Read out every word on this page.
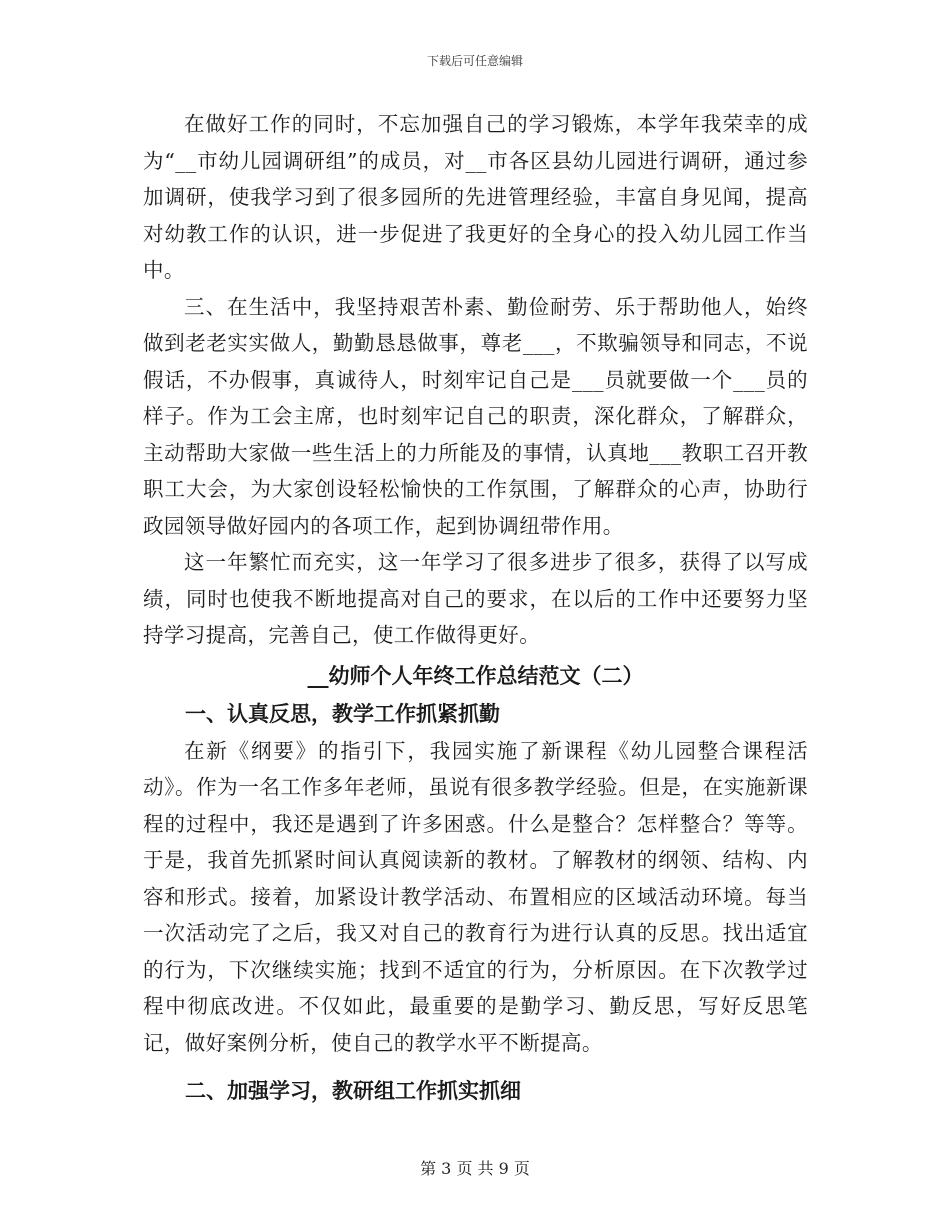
下载后可任意编辑

在做好工作的同时，不忘加强自己的学习锻炼，本学年我荣幸的成为“__市幼儿园调研组”的成员，对__市各区县幼儿园进行调研，通过参加调研，使我学习到了很多园所的先进管理经验，丰富自身见闻，提高对幼教工作的认识，进一步促进了我更好的全身心的投入幼儿园工作当中。

三、在生活中，我坚持艰苦朴素、勤俭耐劳、乐于帮助他人，始终做到老老实实做人，勤勤恳恳做事，尊老___，不欺骗领导和同志，不说假话，不办假事，真诚待人，时刻牢记自己是___员就要做一个___员的样子。作为工会主席，也时刻牢记自己的职责，深化群众，了解群众，主动帮助大家做一些生活上的力所能及的事情，认真地___教职工召开教职工大会，为大家创设轻松愉快的工作氛围，了解群众的心声，协助行政园领导做好园内的各项工作，起到协调纽带作用。

这一年繁忙而充实，这一年学习了很多进步了很多，获得了以写成绩，同时也使我不断地提高对自己的要求，在以后的工作中还要努力坚持学习提高，完善自己，使工作做得更好。

__幼师个人年终工作总结范文（二）

一、认真反思，教学工作抓紧抓勤

在新《纲要》的指引下，我园实施了新课程《幼儿园整合课程活动》。作为一名工作多年老师，虽说有很多教学经验。但是，在实施新课程的过程中，我还是遇到了许多困惑。什么是整合？怎样整合？等等。于是，我首先抓紧时间认真阅读新的教材。了解教材的纲领、结构、内容和形式。接着，加紧设计教学活动、布置相应的区域活动环境。每当一次活动完了之后，我又对自己的教育行为进行认真的反思。找出适宜的行为，下次继续实施；找到不适宜的行为，分析原因。在下次教学过程中彻底改进。不仅如此，最重要的是勤学习、勤反思，写好反思笔记，做好案例分析，使自己的教学水平不断提高。

二、加强学习，教研组工作抓实抓细

第 3 页 共 9 页
